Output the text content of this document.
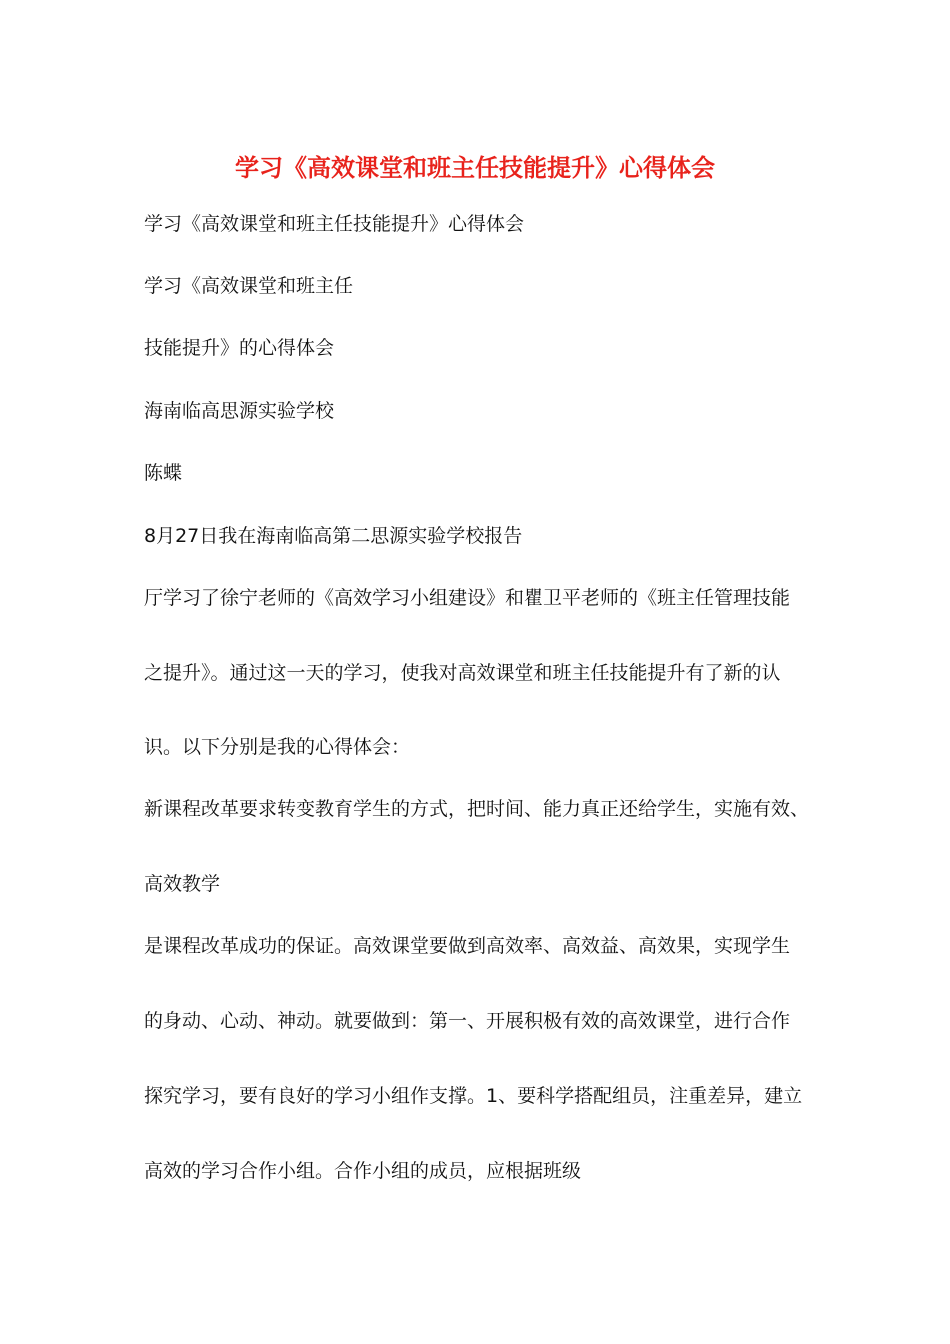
学习《高效课堂和班主任技能提升》心得体会
学习《高效课堂和班主任技能提升》心得体会
学习《高效课堂和班主任
技能提升》的心得体会
海南临高思源实验学校
陈蝶
8月27日我在海南临高第二思源实验学校报告
厅学习了徐宁老师的《高效学习小组建设》和瞿卫平老师的《班主任管理技能
之提升》。通过这一天的学习，使我对高效课堂和班主任技能提升有了新的认
识。以下分别是我的心得体会：
新课程改革要求转变教育学生的方式，把时间、能力真正还给学生，实施有效、
高效教学
是课程改革成功的保证。高效课堂要做到高效率、高效益、高效果，实现学生
的身动、心动、神动。就要做到：第一、开展积极有效的高效课堂，进行合作
探究学习，要有良好的学习小组作支撑。1、要科学搭配组员，注重差异，建立
高效的学习合作小组。合作小组的成员，应根据班级
